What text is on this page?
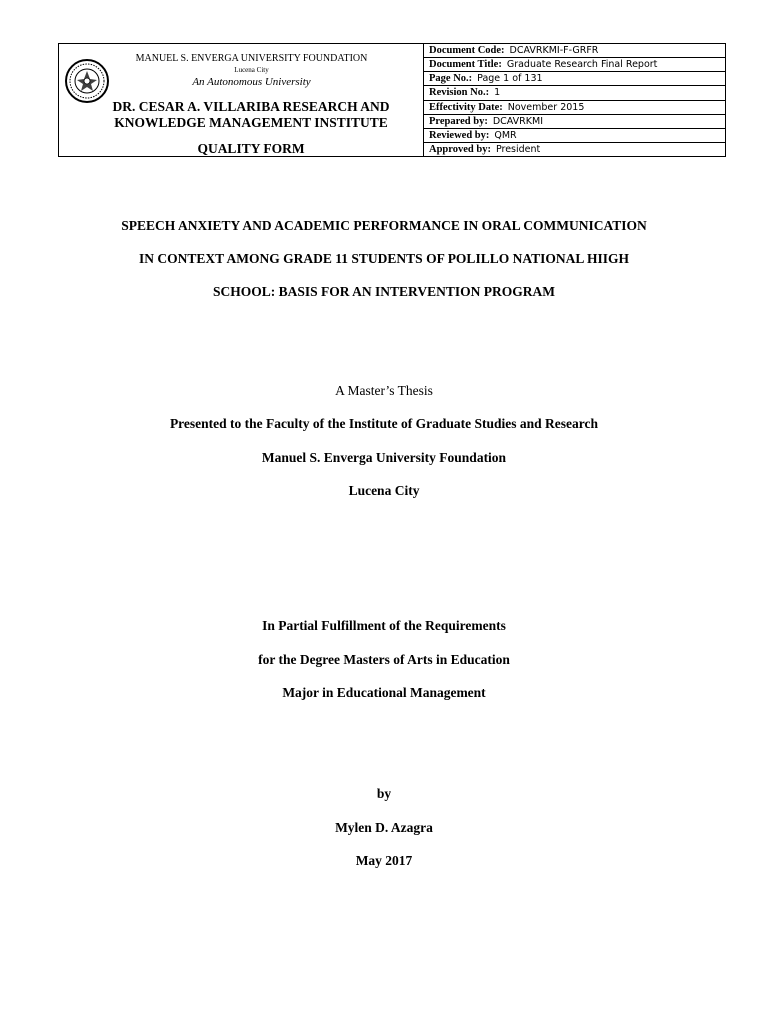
MANUEL S. ENVERGA UNIVERSITY FOUNDATION
Lucena City
An Autonomous University
DR. CESAR A. VILLARIBA RESEARCH AND
KNOWLEDGE MANAGEMENT INSTITUTE
QUALITY FORM
Document Code: DCAVRKMI-F-GRFR
Document Title: Graduate Research Final Report
Page No.: Page 1 of 131
Revision No.: 1
Effectivity Date: November 2015
Prepared by: DCAVRKMI
Reviewed by: QMR
Approved by: President
SPEECH ANXIETY AND ACADEMIC PERFORMANCE IN ORAL COMMUNICATION
IN CONTEXT AMONG GRADE 11 STUDENTS OF POLILLO NATIONAL HIIGH
SCHOOL: BASIS FOR AN INTERVENTION PROGRAM
A Master’s Thesis
Presented to the Faculty of the Institute of Graduate Studies and Research
Manuel S. Enverga University Foundation
Lucena City
In Partial Fulfillment of the Requirements
for the Degree Masters of Arts in Education
Major in Educational Management
by
Mylen D. Azagra
May 2017
